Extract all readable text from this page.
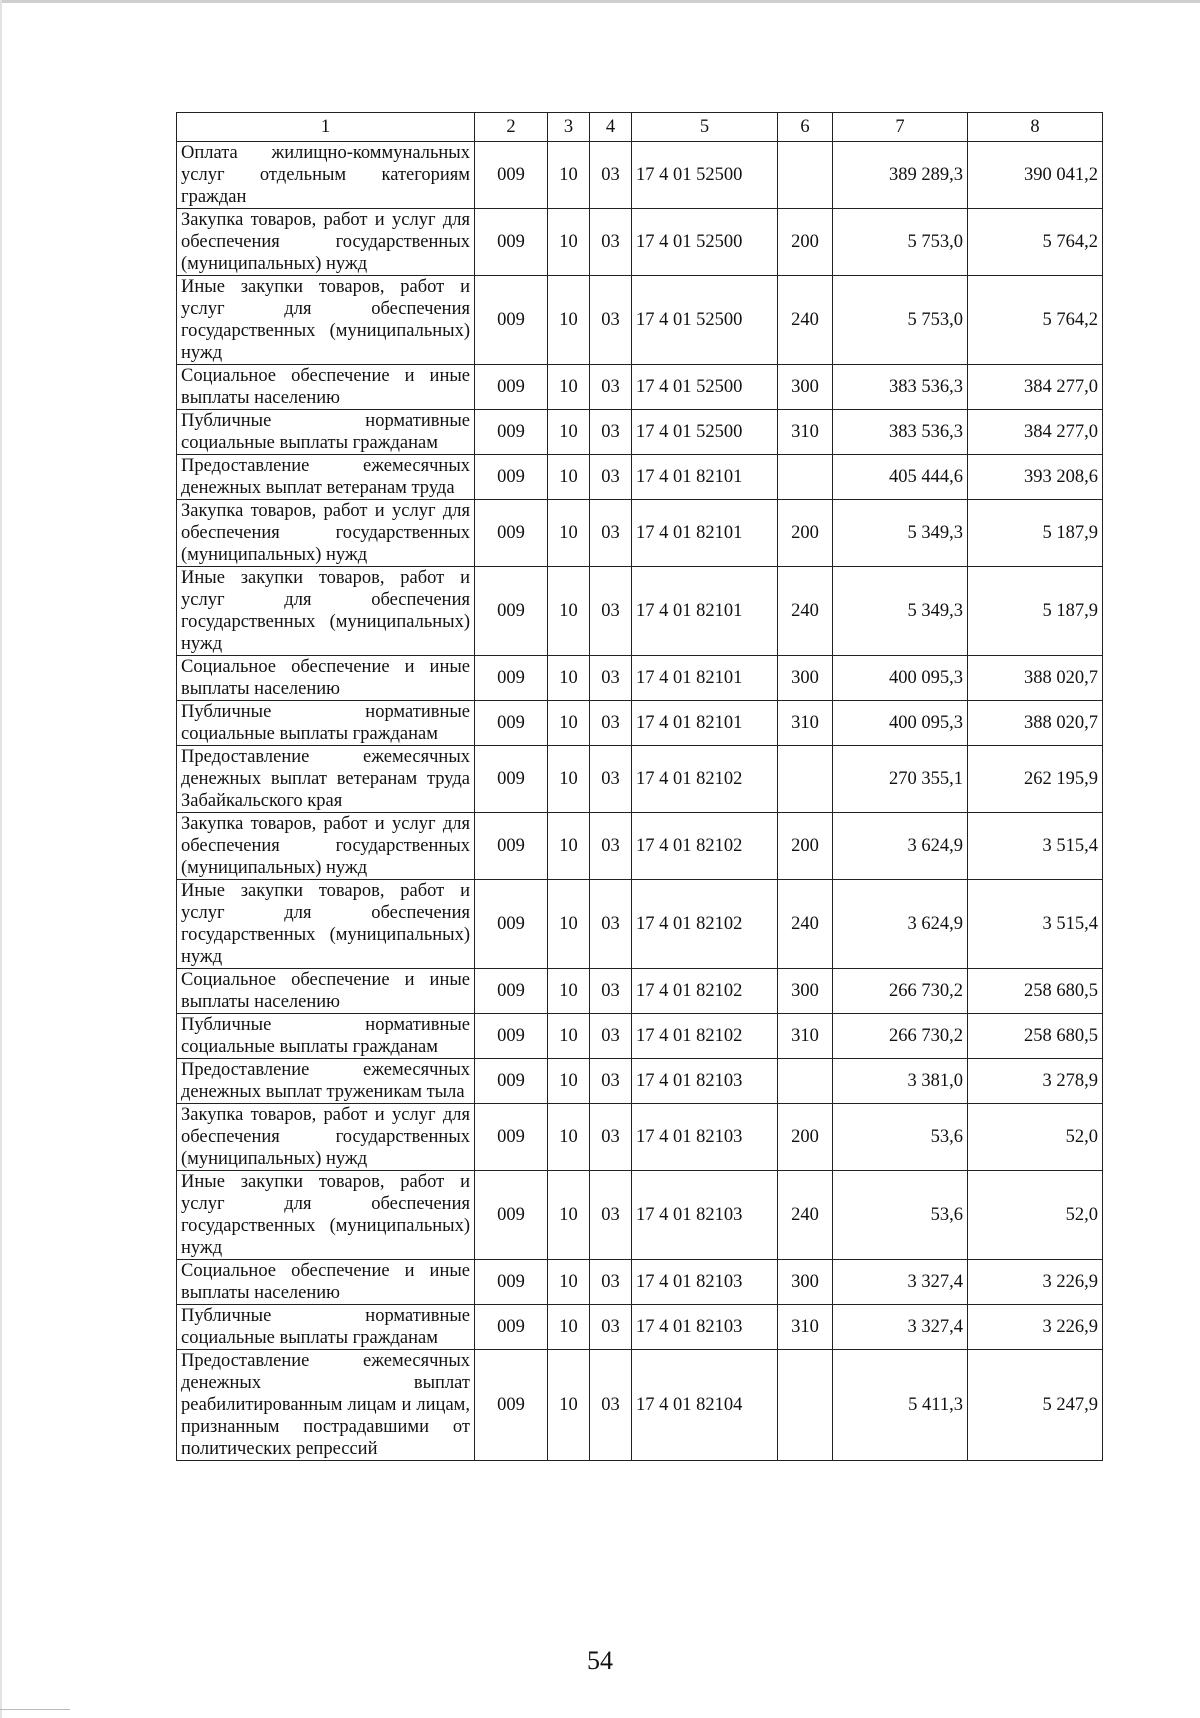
1	2	3	4	5	6	7	8
Оплата жилищно-коммунальных услуг отдельным категориям граждан	009	10	03	17 4 01 52500		389 289,3	390 041,2
Закупка товаров, работ и услуг для обеспечения государственных (муниципальных) нужд	009	10	03	17 4 01 52500	200	5 753,0	5 764,2
Иные закупки товаров, работ и услуг для обеспечения государственных (муниципальных) нужд	009	10	03	17 4 01 52500	240	5 753,0	5 764,2
Социальное обеспечение и иные выплаты населению	009	10	03	17 4 01 52500	300	383 536,3	384 277,0
Публичные нормативные социальные выплаты гражданам	009	10	03	17 4 01 52500	310	383 536,3	384 277,0
Предоставление ежемесячных денежных выплат ветеранам труда	009	10	03	17 4 01 82101		405 444,6	393 208,6
Закупка товаров, работ и услуг для обеспечения государственных (муниципальных) нужд	009	10	03	17 4 01 82101	200	5 349,3	5 187,9
Иные закупки товаров, работ и услуг для обеспечения государственных (муниципальных) нужд	009	10	03	17 4 01 82101	240	5 349,3	5 187,9
Социальное обеспечение и иные выплаты населению	009	10	03	17 4 01 82101	300	400 095,3	388 020,7
Публичные нормативные социальные выплаты гражданам	009	10	03	17 4 01 82101	310	400 095,3	388 020,7
Предоставление ежемесячных денежных выплат ветеранам труда Забайкальского края	009	10	03	17 4 01 82102		270 355,1	262 195,9
Закупка товаров, работ и услуг для обеспечения государственных (муниципальных) нужд	009	10	03	17 4 01 82102	200	3 624,9	3 515,4
Иные закупки товаров, работ и услуг для обеспечения государственных (муниципальных) нужд	009	10	03	17 4 01 82102	240	3 624,9	3 515,4
Социальное обеспечение и иные выплаты населению	009	10	03	17 4 01 82102	300	266 730,2	258 680,5
Публичные нормативные социальные выплаты гражданам	009	10	03	17 4 01 82102	310	266 730,2	258 680,5
Предоставление ежемесячных денежных выплат труженикам тыла	009	10	03	17 4 01 82103		3 381,0	3 278,9
Закупка товаров, работ и услуг для обеспечения государственных (муниципальных) нужд	009	10	03	17 4 01 82103	200	53,6	52,0
Иные закупки товаров, работ и услуг для обеспечения государственных (муниципальных) нужд	009	10	03	17 4 01 82103	240	53,6	52,0
Социальное обеспечение и иные выплаты населению	009	10	03	17 4 01 82103	300	3 327,4	3 226,9
Публичные нормативные социальные выплаты гражданам	009	10	03	17 4 01 82103	310	3 327,4	3 226,9
Предоставление ежемесячных денежных выплат реабилитированным лицам и лицам, признанным пострадавшими от политических репрессий	009	10	03	17 4 01 82104		5 411,3	5 247,9
54
